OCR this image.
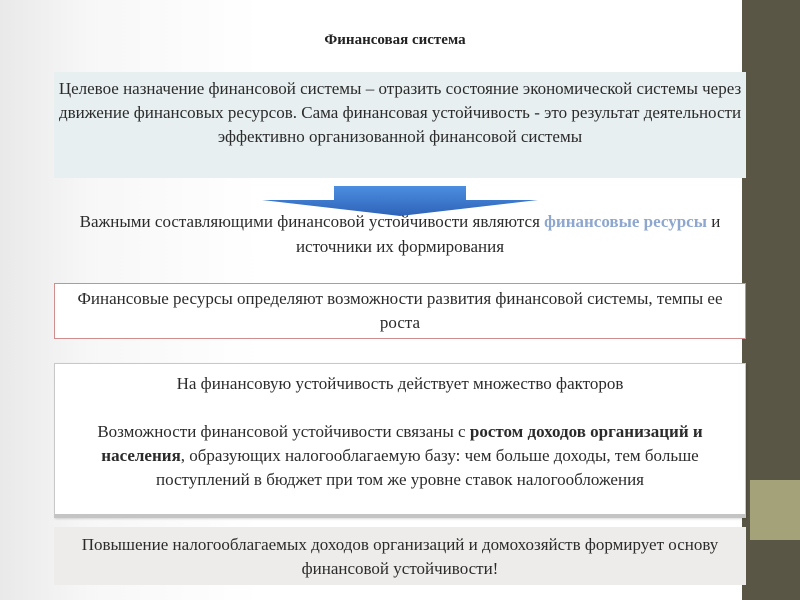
Финансовая система
Целевое назначение финансовой системы – отразить состояние экономической системы через движение финансовых ресурсов. Сама финансовая устойчивость - это результат деятельности эффективно организованной финансовой системы
Важными составляющими финансовой устойчивости являются финансовые ресурсы и источники их формирования
Финансовые ресурсы определяют возможности развития финансовой системы, темпы ее роста

На финансовую устойчивость действует множество факторов

Возможности финансовой устойчивости связаны с ростом доходов организаций и населения, образующих налогооблагаемую базу: чем больше доходы, тем больше поступлений в бюджет при том же уровне ставок налогообложения

Повышение налогооблагаемых доходов организаций и домохозяйств формирует основу финансовой устойчивости!
